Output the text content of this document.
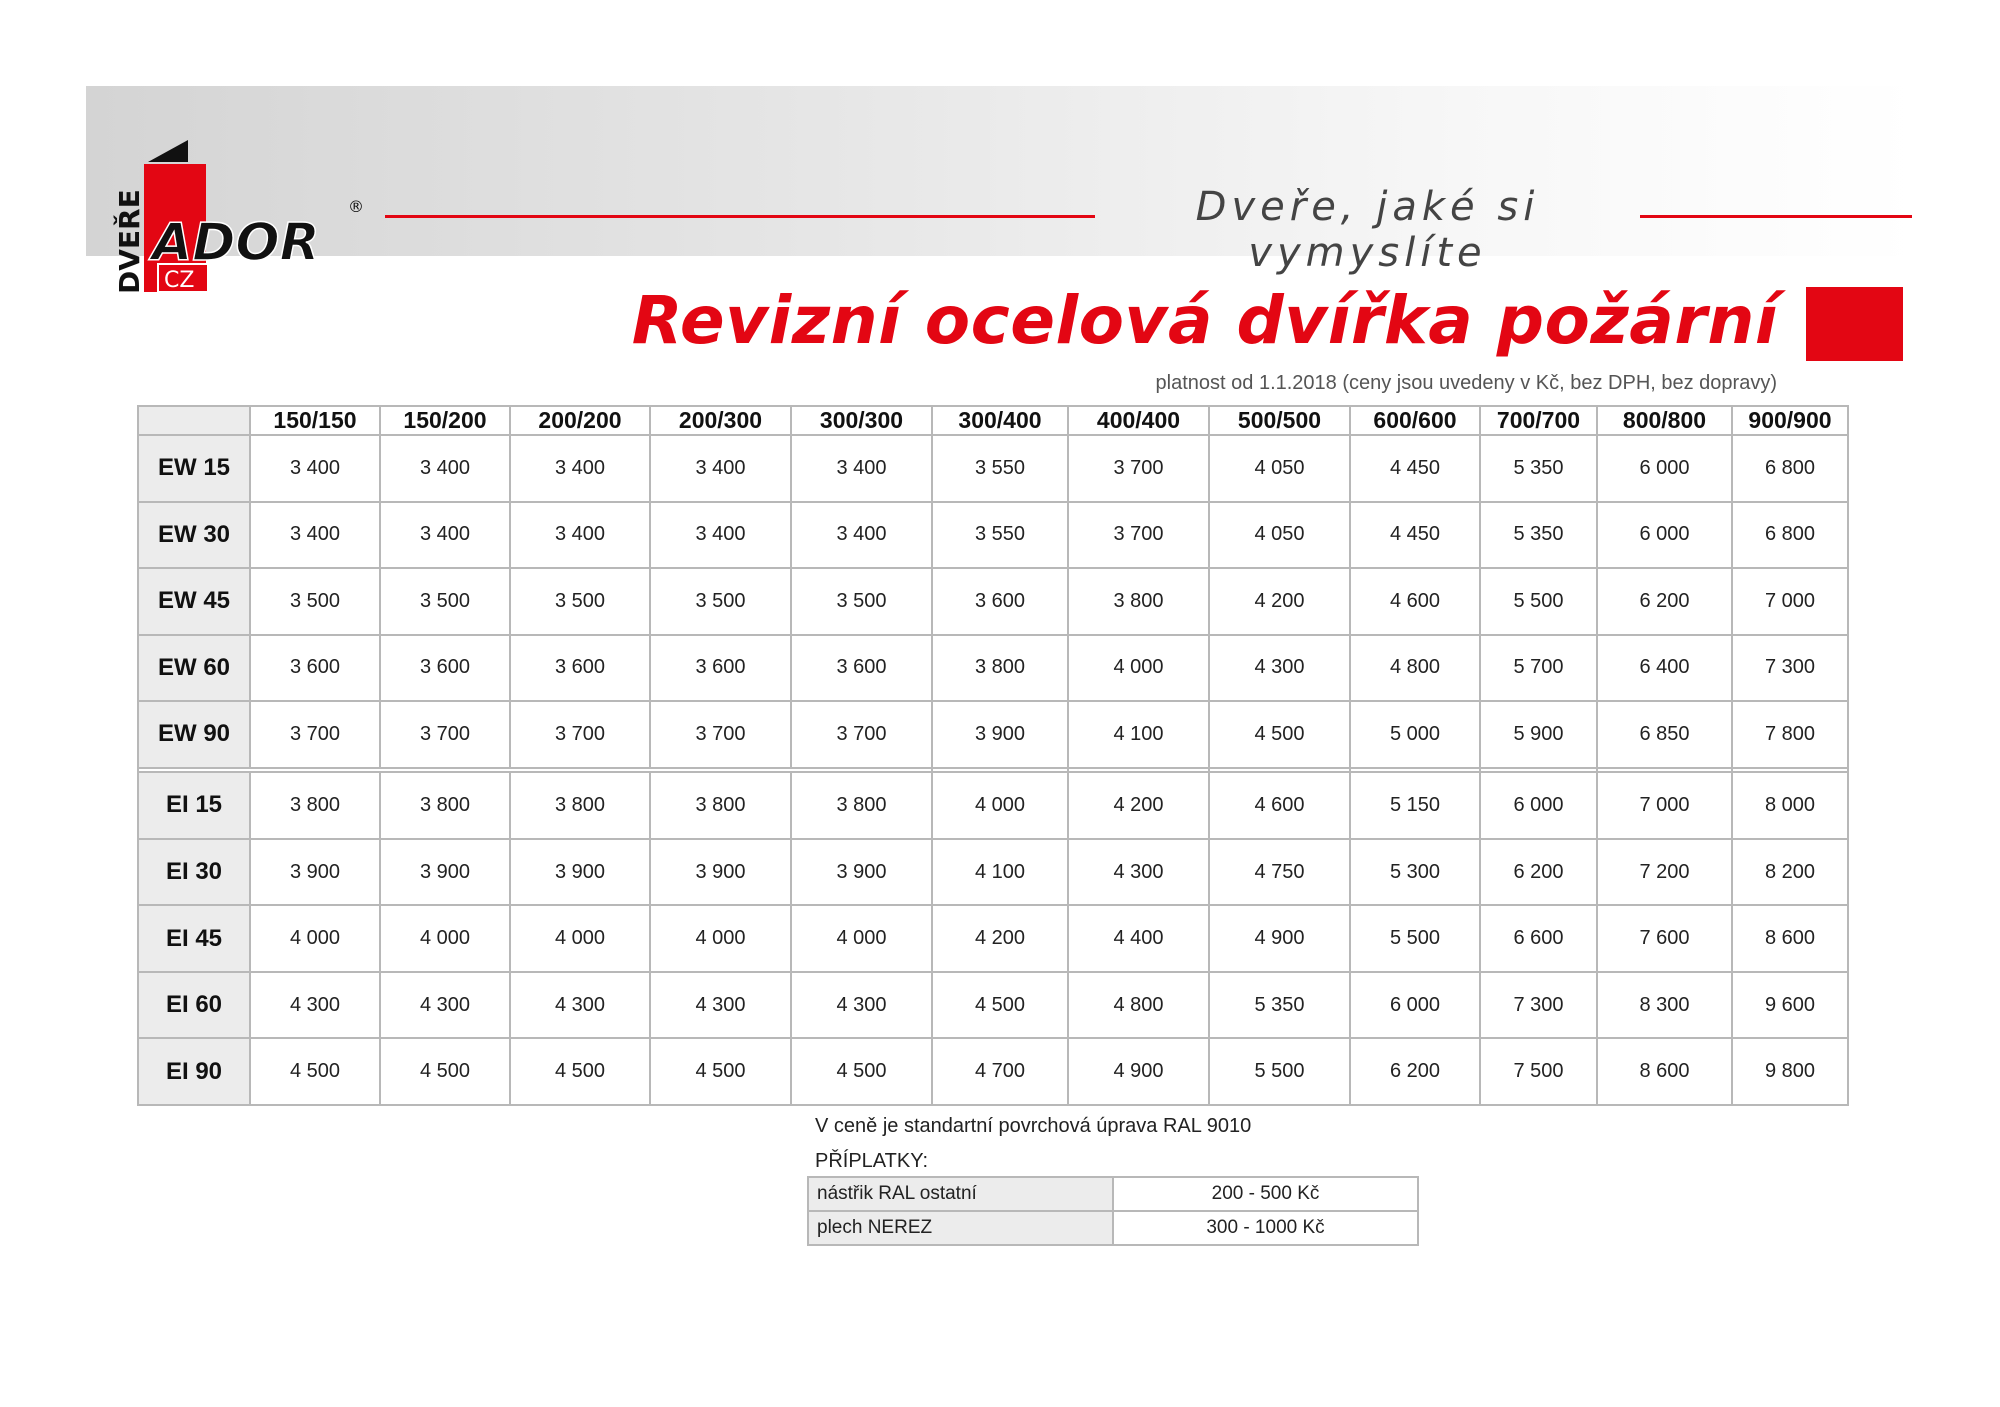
DVEŘE ADOR
CZ
®	Dveře, jaké si vymyslíte
Revizní ocelová dvířka požární
platnost od 1.1.2018 (ceny jsou uvedeny v Kč, bez DPH, bez dopravy)
	150/150	150/200	200/200	200/300	300/300	300/400	400/400	500/500	600/600	700/700	800/800	900/900
EW 15	3 400	3 400	3 400	3 400	3 400	3 550	3 700	4 050	4 450	5 350	6 000	6 800
EW 30	3 400	3 400	3 400	3 400	3 400	3 550	3 700	4 050	4 450	5 350	6 000	6 800
EW 45	3 500	3 500	3 500	3 500	3 500	3 600	3 800	4 200	4 600	5 500	6 200	7 000
EW 60	3 600	3 600	3 600	3 600	3 600	3 800	4 000	4 300	4 800	5 700	6 400	7 300
EW 90	3 700	3 700	3 700	3 700	3 700	3 900	4 100	4 500	5 000	5 900	6 850	7 800

EI 15	3 800	3 800	3 800	3 800	3 800	4 000	4 200	4 600	5 150	6 000	7 000	8 000
EI 30	3 900	3 900	3 900	3 900	3 900	4 100	4 300	4 750	5 300	6 200	7 200	8 200
EI 45	4 000	4 000	4 000	4 000	4 000	4 200	4 400	4 900	5 500	6 600	7 600	8 600
EI 60	4 300	4 300	4 300	4 300	4 300	4 500	4 800	5 350	6 000	7 300	8 300	9 600
EI 90	4 500	4 500	4 500	4 500	4 500	4 700	4 900	5 500	6 200	7 500	8 600	9 800
V ceně je standartní povrchová úprava RAL 9010
PŘÍPLATKY:
nástřik RAL ostatní	200 - 500 Kč
plech NEREZ	300 - 1000 Kč
